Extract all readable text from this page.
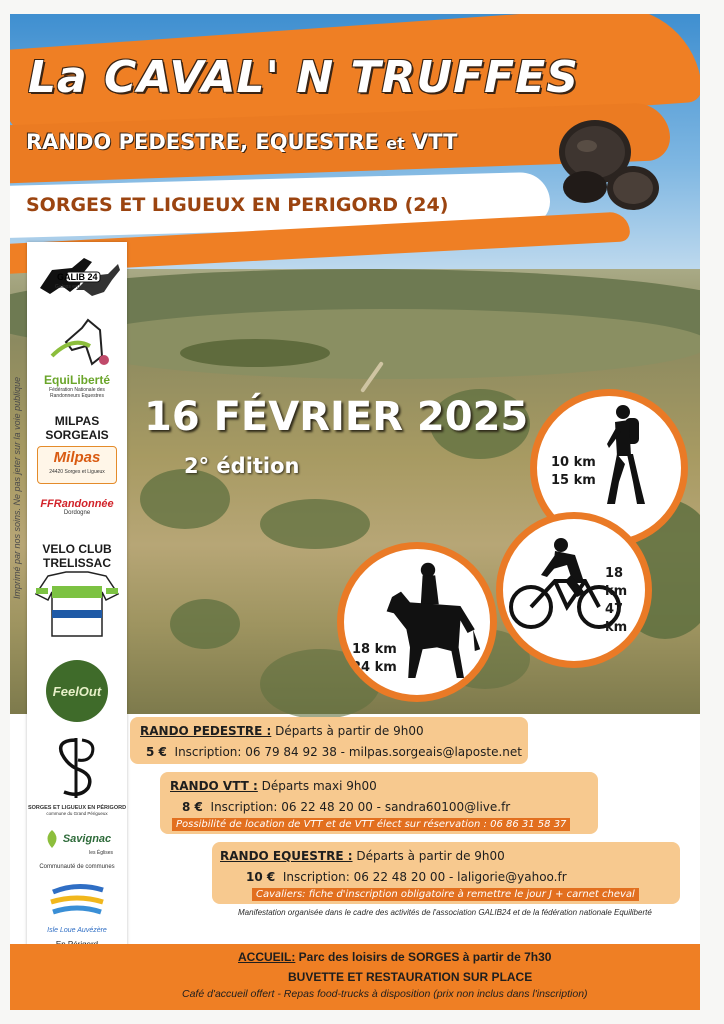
La CAVAL' N TRUFFES
RANDO PEDESTRE, EQUESTRE et VTT
SORGES ET LIGUEUX EN PERIGORD (24)
16 FÉVRIER 2025
2° édition	10 km
15 km
18 km
47 km
18 km
24 km
GALIB 24
Galops en Liberté
EquiLiberté
Fédération Nationale des
Randonneurs Equestres
MILPAS
SORGEAIS
Milpas
24420 Sorges et Ligueux
FFRandonnée
Dordogne
VELO CLUB
TRELISSAC
FeelOut
SORGES ET LIGUEUX EN PÉRIGORD
commune du Grand Périgueux
Savignac
les Églises
Communauté de communes
Isle Loue Auvézère
Imprimé par nos soins. Ne pas jeter sur la voie publique
RANDO PEDESTRE : Départs à partir de 9h00
5 € Inscription: 06 79 84 92 38 - milpas.sorgeais@laposte.net
RANDO VTT : Départs maxi 9h00
8 € Inscription: 06 22 48 20 00 - sandra60100@live.fr
Possibilité de location de VTT et de VTT élect sur réservation : 06 86 31 58 37
RANDO EQUESTRE : Départs à partir de 9h00
10 € Inscription: 06 22 48 20 00 - laligorie@yahoo.fr
Cavaliers: fiche d'inscription obligatoire à remettre le jour J + carnet cheval
Manifestation organisée dans le cadre des activités de l'association GALIB24 et de la fédération nationale Equiliberté
ACCUEIL: Parc des loisirs de SORGES à partir de 7h30
BUVETTE ET RESTAURATION SUR PLACE
Café d'accueil offert - Repas food-trucks à disposition (prix non inclus dans l'inscription)
